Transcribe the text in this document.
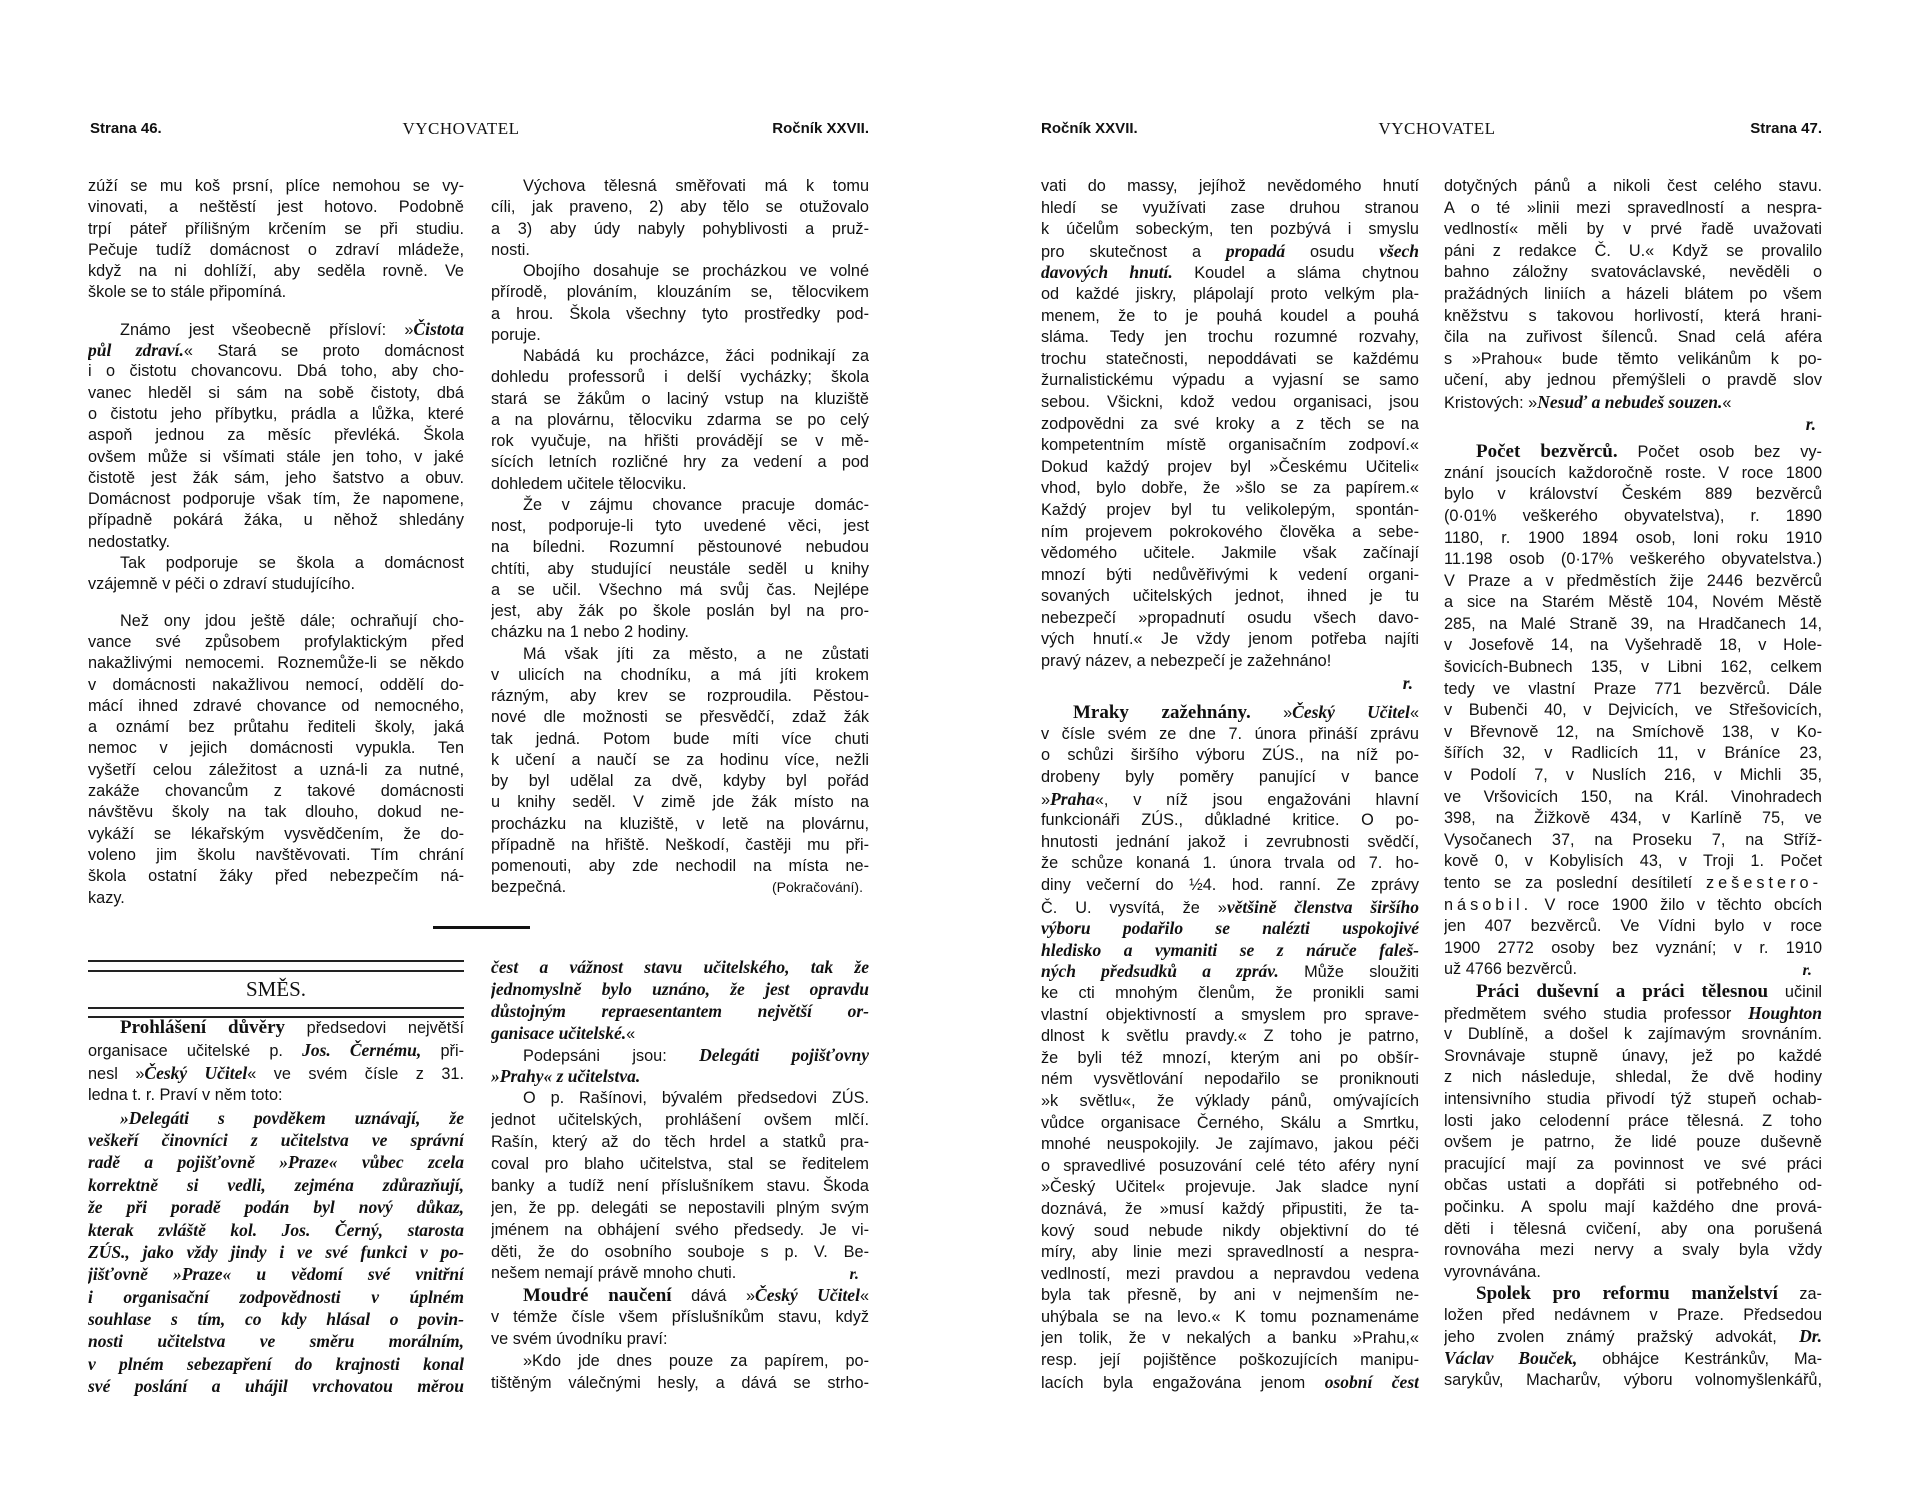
Strana 46.	VYCHOVATEL	Ročník XXVII.	Ročník XXVII.	VYCHOVATEL	Strana 47.
zúží se mu koš prsní, plíce nemohou se vy-
vinovati, a neštěstí jest hotovo. Podobně
trpí páteř přílišným krčením se při studiu.
Pečuje tudíž domácnost o zdraví mládeže,
když na ni dohlíží, aby seděla rovně. Ve
škole se to stále připomíná.
Známo jest všeobecně přísloví: »Čistota
půl zdraví.« Stará se proto domácnost
i o čistotu chovancovu. Dbá toho, aby cho-
vanec hleděl si sám na sobě čistoty, dbá
o čistotu jeho příbytku, prádla a lůžka, které
aspoň jednou za měsíc převléká. Škola
ovšem může si všímati stále jen toho, v jaké
čistotě jest žák sám, jeho šatstvo a obuv.
Domácnost podporuje však tím, že napomene,
případně pokárá žáka, u něhož shledány
nedostatky.
Tak podporuje se škola a domácnost
vzájemně v péči o zdraví studujícího.
Než ony jdou ještě dále; ochraňují cho-
vance své způsobem profylaktickým před
nakažlivými nemocemi. Roznemůže-li se někdo
v domácnosti nakažlivou nemocí, oddělí do-
mácí ihned zdravé chovance od nemocného,
a oznámí bez průtahu řediteli školy, jaká
nemoc v jejich domácnosti vypukla. Ten
vyšetří celou záležitost a uzná-li za nutné,
zakáže chovancům z takové domácnosti
návštěvu školy na tak dlouho, dokud ne-
vykáží se lékařským vysvědčením, že do-
voleno jim školu navštěvovati. Tím chrání
škola ostatní žáky před nebezpečím ná-
kazy.
Výchova tělesná směřovati má k tomu
cíli, jak praveno, 2) aby tělo se otužovalo
a 3) aby údy nabyly pohyblivosti a pruž-
nosti.
Obojího dosahuje se procházkou ve volné
přírodě, plováním, klouzáním se, tělocvikem
a hrou. Škola všechny tyto prostředky pod-
poruje.
Nabádá ku procházce, žáci podnikají za
dohledu professorů i delší vycházky; škola
stará se žákům o laciný vstup na kluziště
a na plovárnu, tělocviku zdarma se po celý
rok vyučuje, na hřišti provádějí se v mě-
sících letních rozličné hry za vedení a pod
dohledem učitele tělocviku.
Že v zájmu chovance pracuje domác-
nost, podporuje-li tyto uvedené věci, jest
na bíledni. Rozumní pěstounové nebudou
chtíti, aby studující neustále seděl u knihy
a se učil. Všechno má svůj čas. Nejlépe
jest, aby žák po škole poslán byl na pro-
cházku na 1 nebo 2 hodiny.
Má však jíti za město, a ne zůstati
v ulicích na chodníku, a má jíti krokem
rázným, aby krev se rozproudila. Pěstou-
nové dle možnosti se přesvědčí, zdaž žák
tak jedná. Potom bude míti více chuti
k učení a naučí se za hodinu více, nežli
by byl udělal za dvě, kdyby byl pořád
u knihy seděl. V zimě jde žák místo na
procházku na kluziště, v letě na plovárnu,
případně na hřiště. Neškodí, častěji mu při-
pomenouti, aby zde nechodil na místa ne-
bezpečná.	(Pokračování).
SMĚS.
Prohlášení důvěry předsedovi největší
organisace učitelské p. Jos. Černému, při-
nesl »Český Učitel« ve svém čísle z 31.
ledna t. r. Praví v něm toto:
»Delegáti s povděkem uznávají, že
veškeří činovníci z učitelstva ve správní
radě a pojišťovně »Praze« vůbec zcela
korrektně si vedli, zejména zdůrazňují,
že při poradě podán byl nový důkaz,
kterak zvláště kol. Jos. Černý, starosta
ZÚS., jako vždy jindy i ve své funkci v po-
jišťovně »Praze« u vědomí své vnitřní
i organisační zodpovědnosti v úplném
souhlase s tím, co kdy hlásal o povin-
nosti učitelstva ve směru morálním,
v plném sebezapření do krajnosti konal
své poslání a uhájil vrchovatou měrou
čest a vážnost stavu učitelského, tak že
jednomyslně bylo uznáno, že jest opravdu
důstojným repraesentantem největší or-
ganisace učitelské.«
Podepsáni jsou: Delegáti pojišťovny
»Prahy« z učitelstva.
O p. Rašínovi, bývalém předsedovi ZÚS.
jednot učitelských, prohlášení ovšem mlčí.
Rašín, který až do těch hrdel a statků pra-
coval pro blaho učitelstva, stal se ředitelem
banky a tudíž není příslušníkem stavu. Škoda
jen, že pp. delegáti se nepostavili plným svým
jménem na obhájení svého předsedy. Je vi-
děti, že do osobního souboje s p. V. Be-
nešem nemají právě mnoho chuti.	r.
Moudré naučení dává »Český Učitel«
v témže čísle všem příslušníkům stavu, když
ve svém úvodníku praví:
»Kdo jde dnes pouze za papírem, po-
tištěným válečnými hesly, a dává se strho-
vati do massy, jejíhož nevědomého hnutí
hledí se využívati zase druhou stranou
k účelům sobeckým, ten pozbývá i smyslu
pro skutečnost a propadá osudu všech
davových hnutí. Koudel a sláma chytnou
od každé jiskry, plápolají proto velkým pla-
menem, že to je pouhá koudel a pouhá
sláma. Tedy jen trochu rozumné rozvahy,
trochu statečnosti, nepoddávati se každému
žurnalistickému výpadu a vyjasní se samo
sebou. Všickni, kdož vedou organisaci, jsou
zodpovědni za své kroky a z těch se na
kompetentním místě organisačním zodpoví.«
Dokud každý projev byl »Českému Učiteli«
vhod, bylo dobře, že »šlo se za papírem.«
Každý projev byl tu velikolepým, spontán-
ním projevem pokrokového člověka a sebe-
vědomého učitele. Jakmile však začínají
mnozí býti nedůvěřivými k vedení organi-
sovaných učitelských jednot, ihned je tu
nebezpečí »propadnutí osudu všech davo-
vých hnutí.« Je vždy jenom potřeba najíti
pravý název, a nebezpečí je zažehnáno!
r.
Mraky zažehnány. »Český Učitel«
v čísle svém ze dne 7. února přináší zprávu
o schůzi širšího výboru ZÚS., na níž po-
drobeny byly poměry panující v bance
»Praha«, v níž jsou engažováni hlavní
funkcionáři ZÚS., důkladné kritice. O po-
hnutosti jednání jakož i zevrubnosti svědčí,
že schůze konaná 1. února trvala od 7. ho-
diny večerní do ½4. hod. ranní. Ze zprávy
Č. U. vysvítá, že »většině členstva širšího
výboru podařilo se nalézti uspokojivé
hledisko a vymaniti se z náruče faleš-
ných předsudků a zpráv. Může sloužiti
ke cti mnohým členům, že pronikli sami
vlastní objektivností a smyslem pro sprave-
dlnost k světlu pravdy.« Z toho je patrno,
že byli též mnozí, kterým ani po obšír-
ném vysvětlování nepodařilo se proniknouti
»k světlu«, že výklady pánů, omývajících
vůdce organisace Černého, Skálu a Smrtku,
mnohé neuspokojily. Je zajímavo, jakou péči
o spravedlivé posuzování celé této aféry nyní
»Český Učitel« projevuje. Jak sladce nyní
doznává, že »musí každý připustiti, že ta-
kový soud nebude nikdy objektivní do té
míry, aby linie mezi spravedlností a nespra-
vedlností, mezi pravdou a nepravdou vedena
byla tak přesně, by ani v nejmenším ne-
uhýbala se na levo.« K tomu poznamenáme
jen tolik, že v nekalých a banku »Prahu,«
resp. její pojištěnce poškozujících manipu-
lacích byla engažována jenom osobní čest
dotyčných pánů a nikoli čest celého stavu.
A o té »linii mezi spravedlností a nespra-
vedlností« měli by v prvé řadě uvažovati
páni z redakce Č. U.« Když se provalilo
bahno záložny svatováclavské, nevěděli o
pražádných liniích a házeli blátem po všem
kněžstvu s takovou horlivostí, která hrani-
čila na zuřivost šílenců. Snad celá aféra
s »Prahou« bude těmto velikánům k po-
učení, aby jednou přemýšleli o pravdě slov
Kristových: »Nesuď a nebudeš souzen.«
r.
Počet bezvěrců. Počet osob bez vy-
znání jsoucích každoročně roste. V roce 1800
bylo v království Českém 889 bezvěrců
(0·01% veškerého obyvatelstva), r. 1890
1180, r. 1900 1894 osob, loni roku 1910
11.198 osob (0·17% veškerého obyvatelstva.)
V Praze a v předměstích žije 2446 bezvěrců
a sice na Starém Městě 104, Novém Městě
285, na Malé Straně 39, na Hradčanech 14,
v Josefově 14, na Vyšehradě 18, v Hole-
šovicích-Bubnech 135, v Libni 162, celkem
tedy ve vlastní Praze 771 bezvěrců. Dále
v Bubenči 40, v Dejvicích, ve Střešovicích,
v Břevnově 12, na Smíchově 138, v Ko-
šířích 32, v Radlicích 11, v Bráníce 23,
v Podolí 7, v Nuslích 216, v Michli 35,
ve Vršovicích 150, na Král. Vinohradech
398, na Žižkově 434, v Karlíně 75, ve
Vysočanech 37, na Proseku 7, na Stříž-
kově 0, v Kobylisích 43, v Troji 1. Počet
tento se za poslední desítiletí zešestero-
násobil. V roce 1900 žilo v těchto obcích
jen 407 bezvěrců. Ve Vídni bylo v roce
1900 2772 osoby bez vyznání; v r. 1910
už 4766 bezvěrců.	r.
Práci duševní a práci tělesnou učinil
předmětem svého studia professor Houghton
v Dublíně, a došel k zajímavým srovnáním.
Srovnávaje stupně únavy, jež po každé
z nich následuje, shledal, že dvě hodiny
intensivního studia přivodí týž stupeň ochab-
losti jako celodenní práce tělesná. Z toho
ovšem je patrno, že lidé pouze duševně
pracující mají za povinnost ve své práci
občas ustati a dopřáti si potřebného od-
počinku. A spolu mají každého dne prová-
děti i tělesná cvičení, aby ona porušená
rovnováha mezi nervy a svaly byla vždy
vyrovnávána.
Spolek pro reformu manželství za-
ložen před nedávnem v Praze. Předsedou
jeho zvolen známý pražský advokát, Dr.
Václav Bouček, obhájce Kestránkův, Ma-
sarykův, Macharův, výboru volnomyšlenkářů,
